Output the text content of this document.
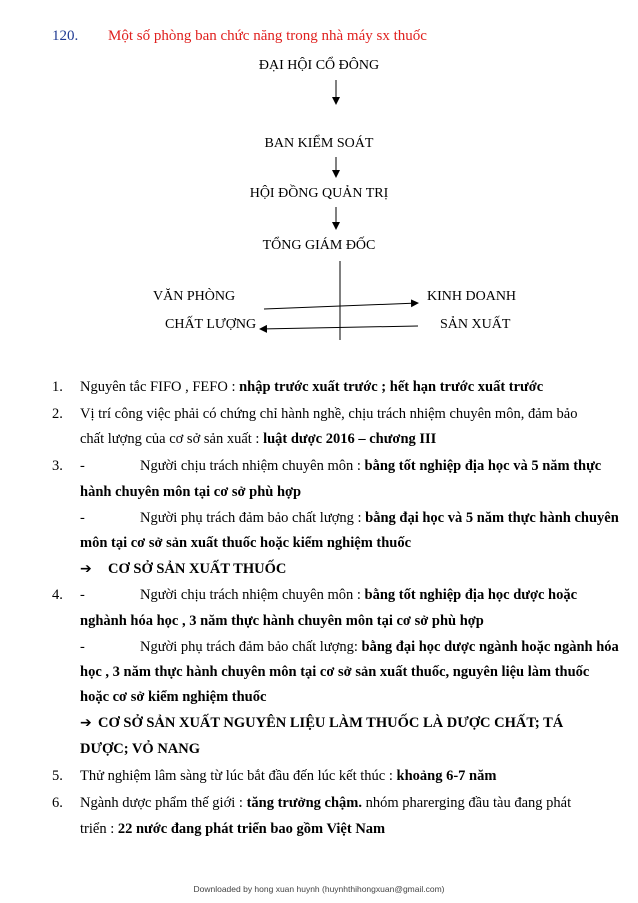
120. Một số phòng ban chức năng trong nhà máy sx thuốc
ĐẠI HỘI CỔ ĐÔNG
BAN KIỂM SOÁT
HỘI ĐỒNG QUẢN TRỊ
TỔNG GIÁM ĐỐC
VĂN PHÒNG
CHẤT LƯỢNG
KINH DOANH
SẢN XUẤT
1. Nguyên tắc FIFO , FEFO : nhập trước xuất trước ; hết hạn trước xuất trước
2. Vị trí công việc phải có chứng chỉ hành nghề, chịu trách nhiệm chuyên môn, đảm bảo
chất lượng của cơ sở sản xuất : luật dược 2016 – chương III
3. -	Người chịu trách nhiệm chuyên môn : bằng tốt nghiệp địa học và 5 năm thực
hành chuyên môn tại cơ sở phù hợp
-	Người phụ trách đảm bảo chất lượng : bằng đại học và 5 năm thực hành chuyên
môn tại cơ sở sản xuất thuốc hoặc kiểm nghiệm thuốc
➔ CƠ SỞ SẢN XUẤT THUỐC
4. -	Người chịu trách nhiệm chuyên môn : bằng tốt nghiệp địa học dược hoặc
nghành hóa học , 3 năm thực hành chuyên môn tại cơ sở phù hợp
-	Người phụ trách đảm bảo chất lượng: bằng đại học dược ngành hoặc ngành hóa
học , 3 năm thực hành chuyên môn tại cơ sở sản xuất thuốc, nguyên liệu làm thuốc
hoặc cơ sở kiểm nghiệm thuốc
➔ CƠ SỞ SẢN XUẤT NGUYÊN LIỆU LÀM THUỐC LÀ DƯỢC CHẤT; TÁ
DƯỢC; VỎ NANG
5. Thử nghiệm lâm sàng từ lúc bắt đầu đến lúc kết thúc : khoảng 6-7 năm
6. Ngành dược phẩm thế giới : tăng trưởng chậm. nhóm pharerging đầu tàu đang phát
triển : 22 nước đang phát triển bao gồm Việt Nam
Downloaded by hong xuan huynh (huynhthihongxuan@gmail.com)
